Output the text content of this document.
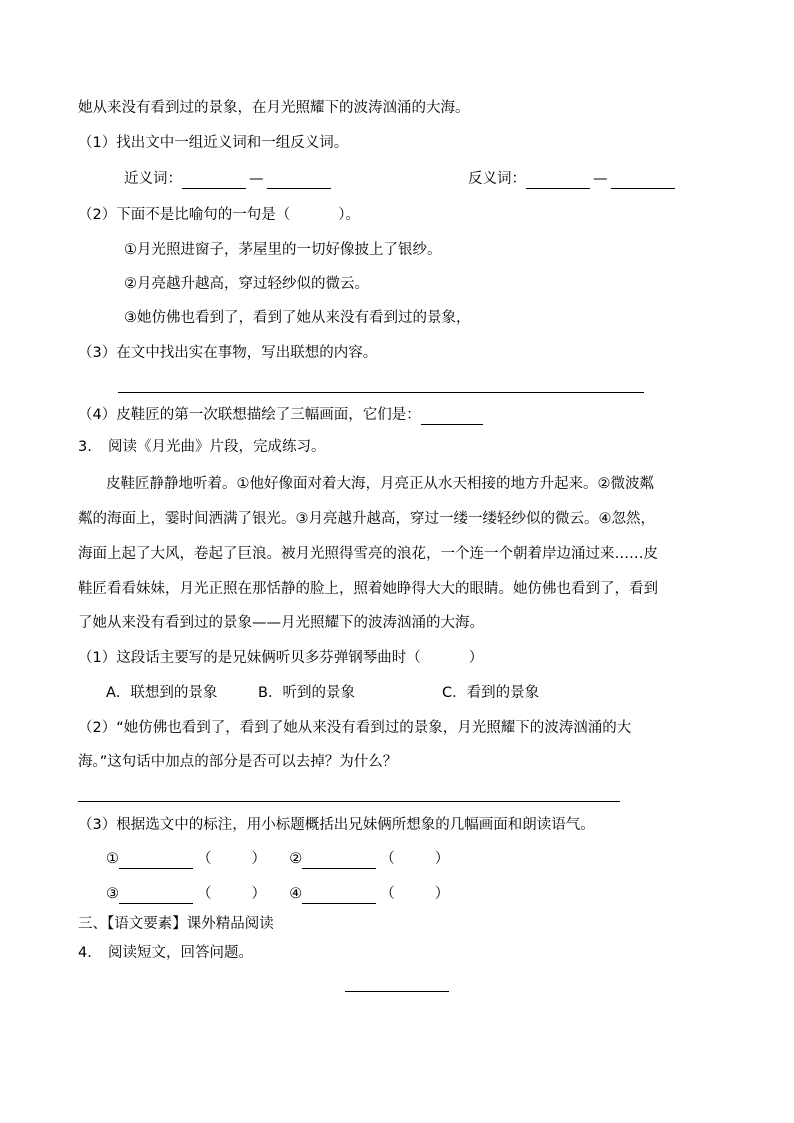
她从来没有看到过的景象，在月光照耀下的波涛汹涌的大海。
（1）找出文中一组近义词和一组反义词。
近义词：	—	反义词：	—
（2）下面不是比喻句的一句是（	）。
①月光照进窗子，茅屋里的一切好像披上了银纱。
②月亮越升越高，穿过轻纱似的微云。
③她仿佛也看到了，看到了她从来没有看到过的景象，
（3）在文中找出实在事物，写出联想的内容。
（4）皮鞋匠的第一次联想描绘了三幅画面，它们是：
3. 阅读《月光曲》片段，完成练习。
皮鞋匠静静地听着。①他好像面对着大海，月亮正从水天相接的地方升起来。②微波粼
粼的海面上，霎时间洒满了银光。③月亮越升越高，穿过一缕一缕轻纱似的微云。④忽然，
海面上起了大风，卷起了巨浪。被月光照得雪亮的浪花，一个连一个朝着岸边涌过来……皮
鞋匠看看妹妹，月光正照在那恬静的脸上，照着她睁得大大的眼睛。她仿佛也看到了，看到
了她从来没有看到过的景象——月光照耀下的波涛汹涌的大海。
（1）这段话主要写的是兄妹俩听贝多芬弹钢琴曲时（	）
A．联想到的景象	B．听到的景象	C．看到的景象
（2）“她仿佛也看到了，看到了她从来没有看到过的景象，月光照耀下的波涛汹涌的大
海。”这句话中加点的部分是否可以去掉？为什么？
（3）根据选文中的标注，用小标题概括出兄妹俩所想象的几幅画面和朗读语气。
①	（	） ②	（	）
③	（	） ④	（	）
三、【语文要素】课外精品阅读
4. 阅读短文，回答问题。
